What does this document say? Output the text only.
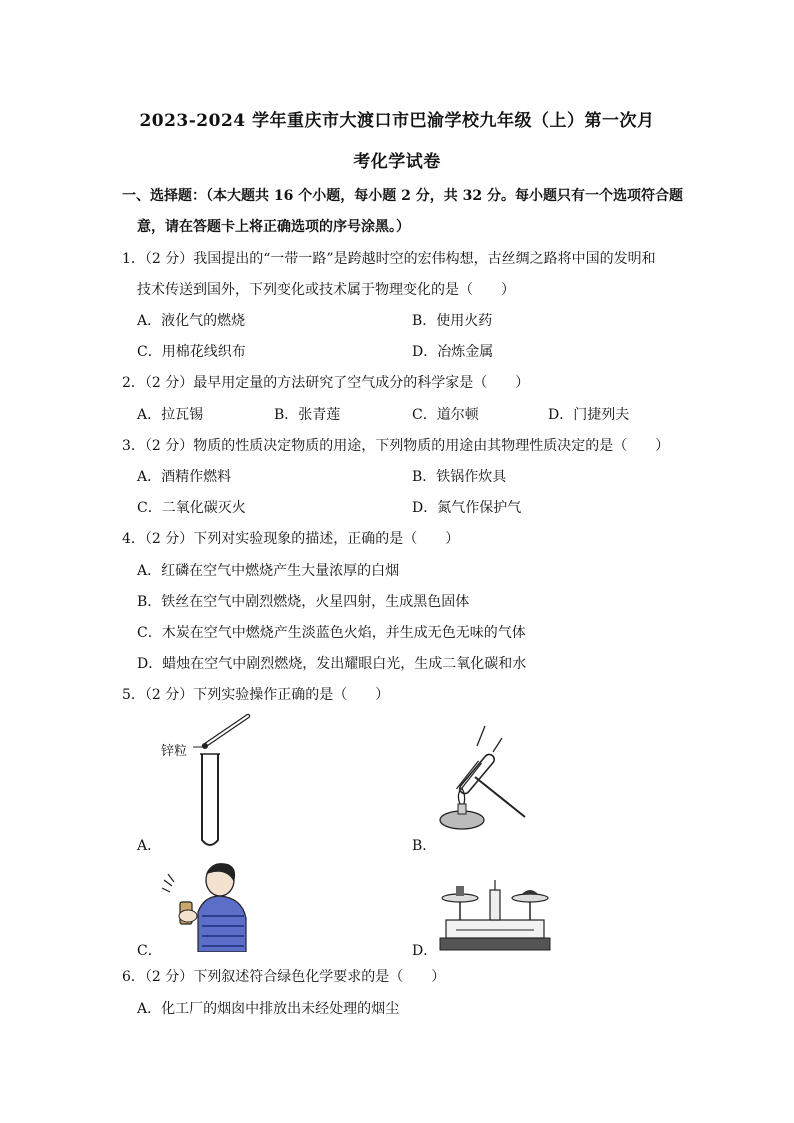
2023-2024 学年重庆市大渡口市巴渝学校九年级（上）第一次月
考化学试卷
一、选择题：（本大题共 16 个小题，每小题 2 分，共 32 分。每小题只有一个选项符合题
意，请在答题卡上将正确选项的序号涂黑。）
1．（2 分）我国提出的“一带一路”是跨越时空的宏伟构想，古丝绸之路将中国的发明和
技术传送到国外，下列变化或技术属于物理变化的是（　　）
A．液化气的燃烧	B．使用火药
C．用棉花线织布	D．冶炼金属
2．（2 分）最早用定量的方法研究了空气成分的科学家是（　　）
A．拉瓦锡	B．张青莲	C．道尔顿	D．门捷列夫
3．（2 分）物质的性质决定物质的用途，下列物质的用途由其物理性质决定的是（　　）
A．酒精作燃料	B．铁锅作炊具
C．二氧化碳灭火	D．氮气作保护气
4．（2 分）下列对实验现象的描述，正确的是（　　）
A．红磷在空气中燃烧产生大量浓厚的白烟
B．铁丝在空气中剧烈燃烧，火星四射，生成黑色固体
C．木炭在空气中燃烧产生淡蓝色火焰，并生成无色无味的气体
D．蜡烛在空气中剧烈燃烧，发出耀眼白光，生成二氧化碳和水
5．（2 分）下列实验操作正确的是（　　）
锌粒
A．	B．
C．	D．
6．（2 分）下列叙述符合绿色化学要求的是（　　）
A．化工厂的烟囱中排放出未经处理的烟尘
